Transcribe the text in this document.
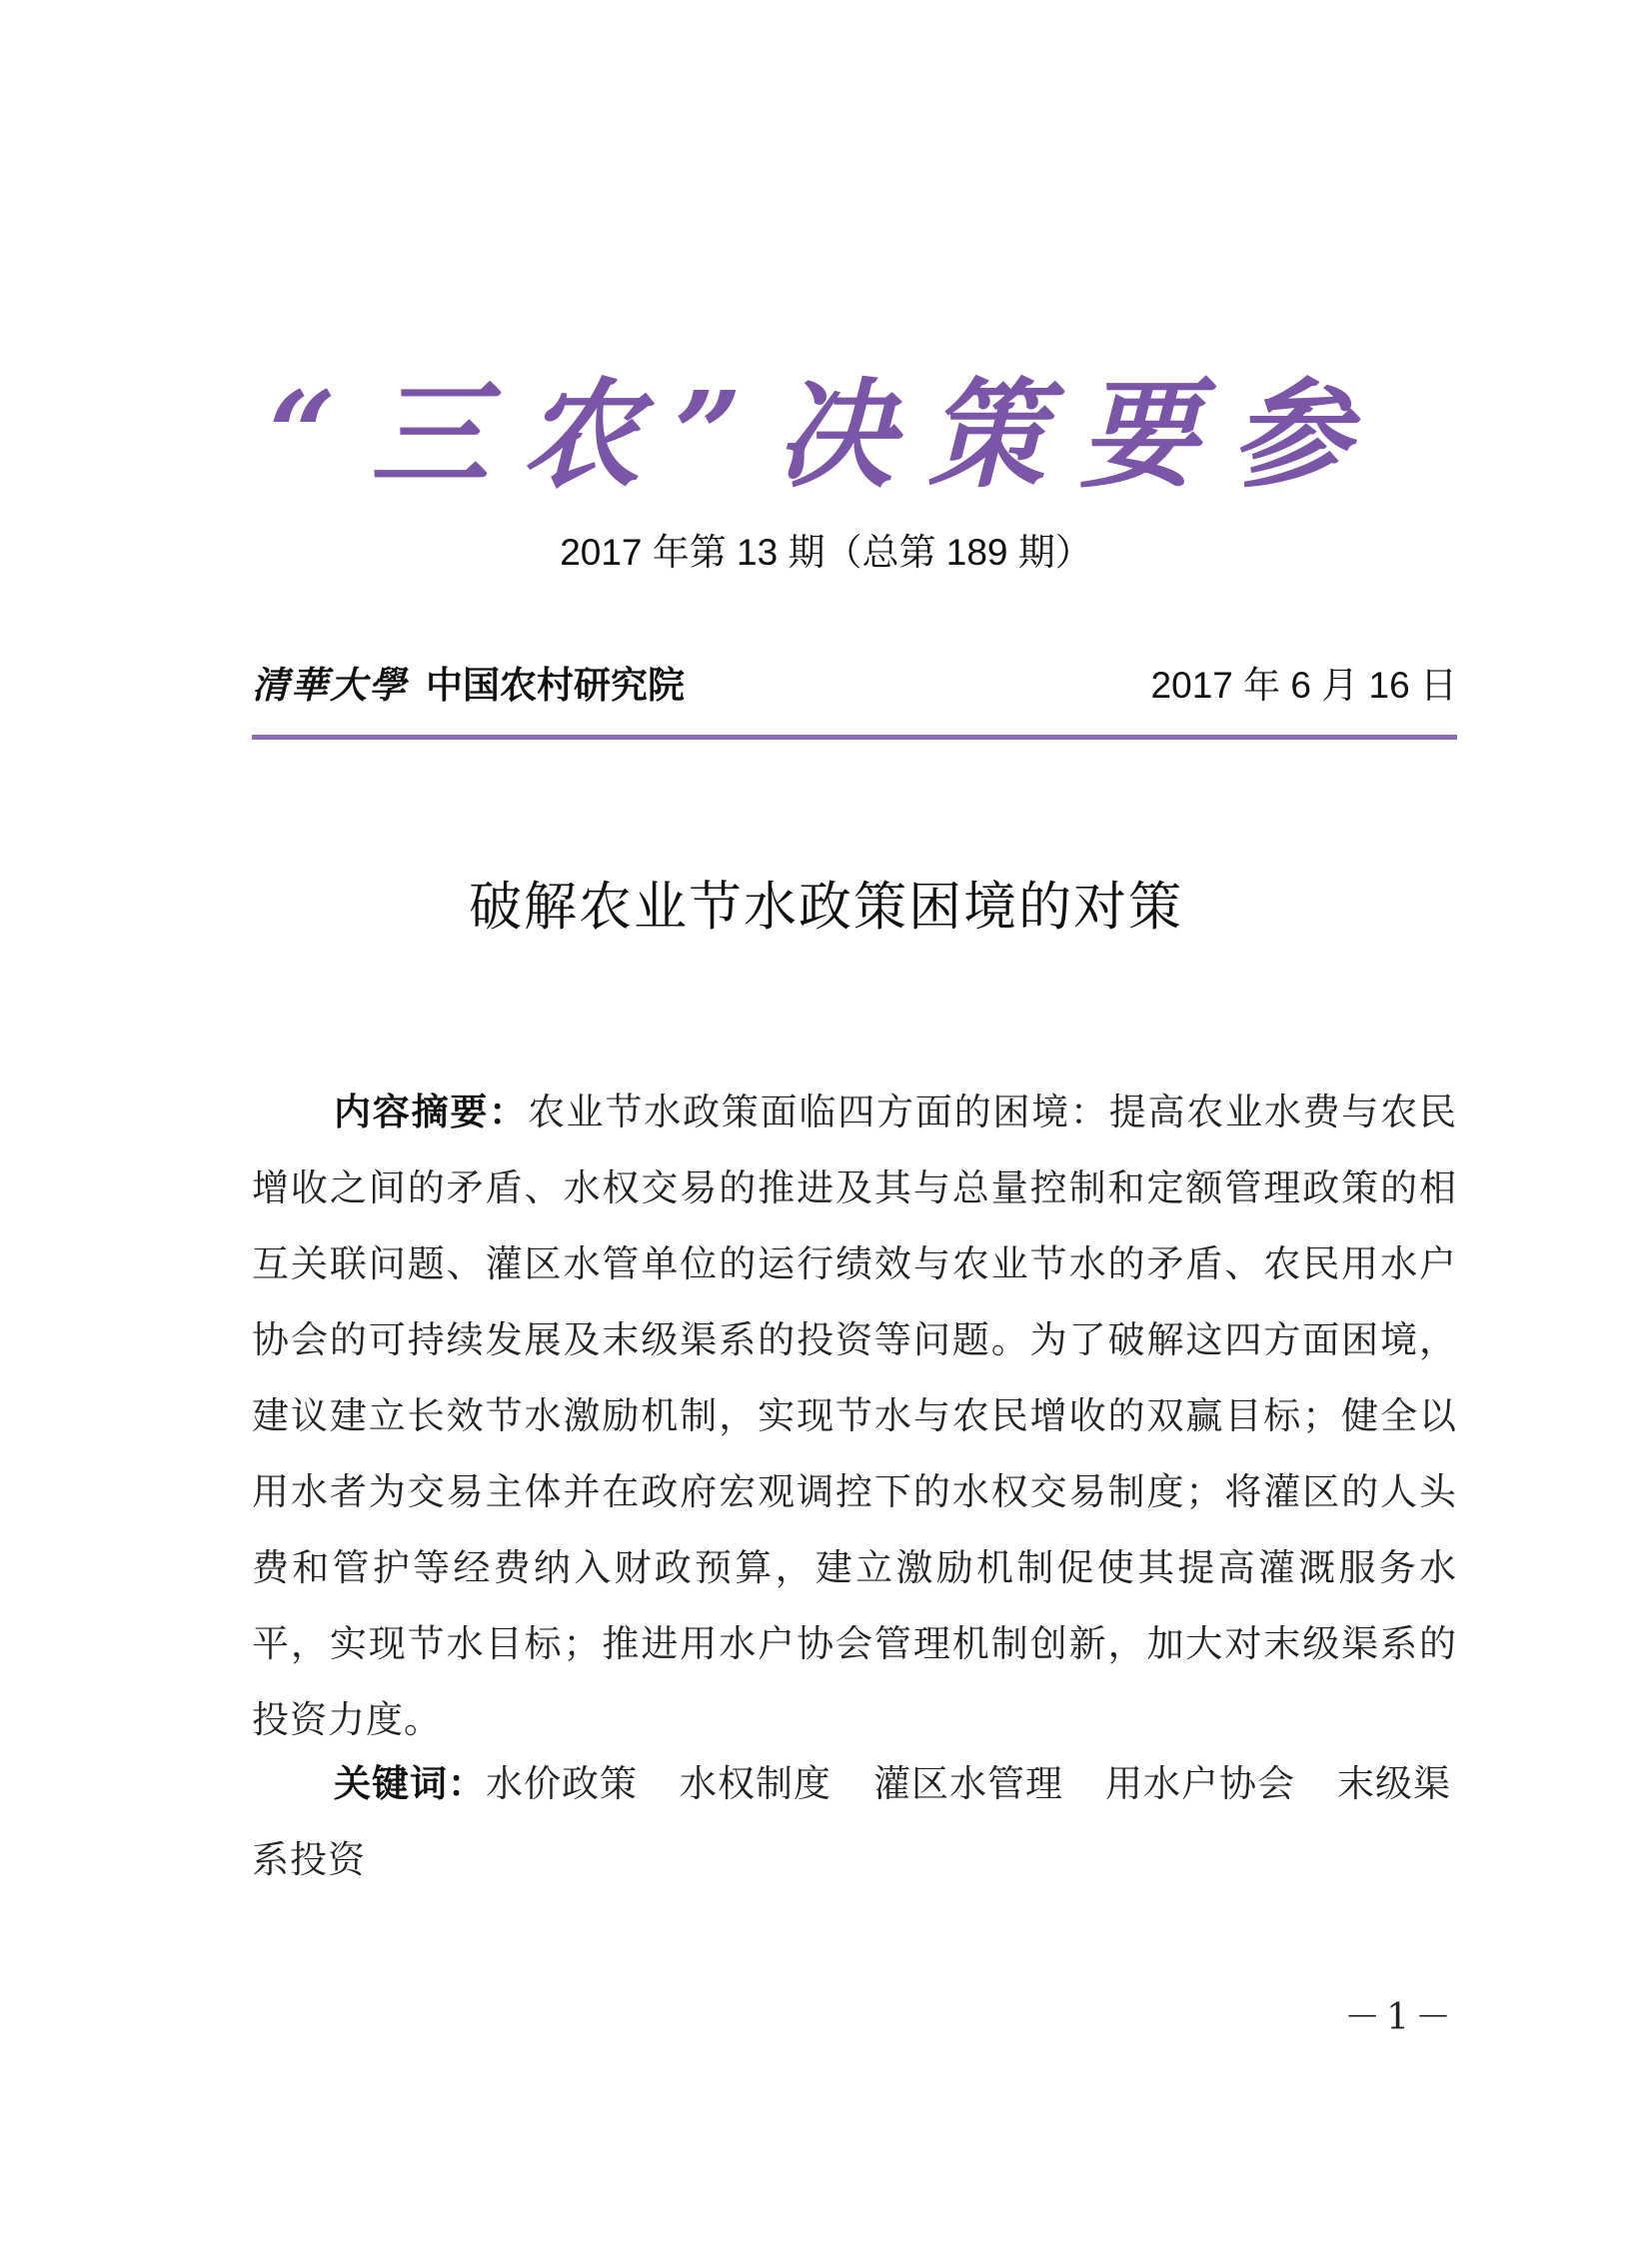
“三农”决策要参
2017 年第 13 期（总第 189 期）
清華大學 中国农村研究院	2017 年 6 月 16 日
破解农业节水政策困境的对策
内容摘要：农业节水政策面临四方面的困境：提高农业水费与农民增收之间的矛盾、水权交易的推进及其与总量控制和定额管理政策的相互关联问题、灌区水管单位的运行绩效与农业节水的矛盾、农民用水户协会的可持续发展及末级渠系的投资等问题。为了破解这四方面困境，建议建立长效节水激励机制，实现节水与农民增收的双赢目标；健全以用水者为交易主体并在政府宏观调控下的水权交易制度；将灌区的人头费和管护等经费纳入财政预算，建立激励机制促使其提高灌溉服务水平，实现节水目标；推进用水户协会管理机制创新，加大对末级渠系的投资力度。
关键词：水价政策 水权制度 灌区水管理 用水户协会 末级渠系投资
－1－
